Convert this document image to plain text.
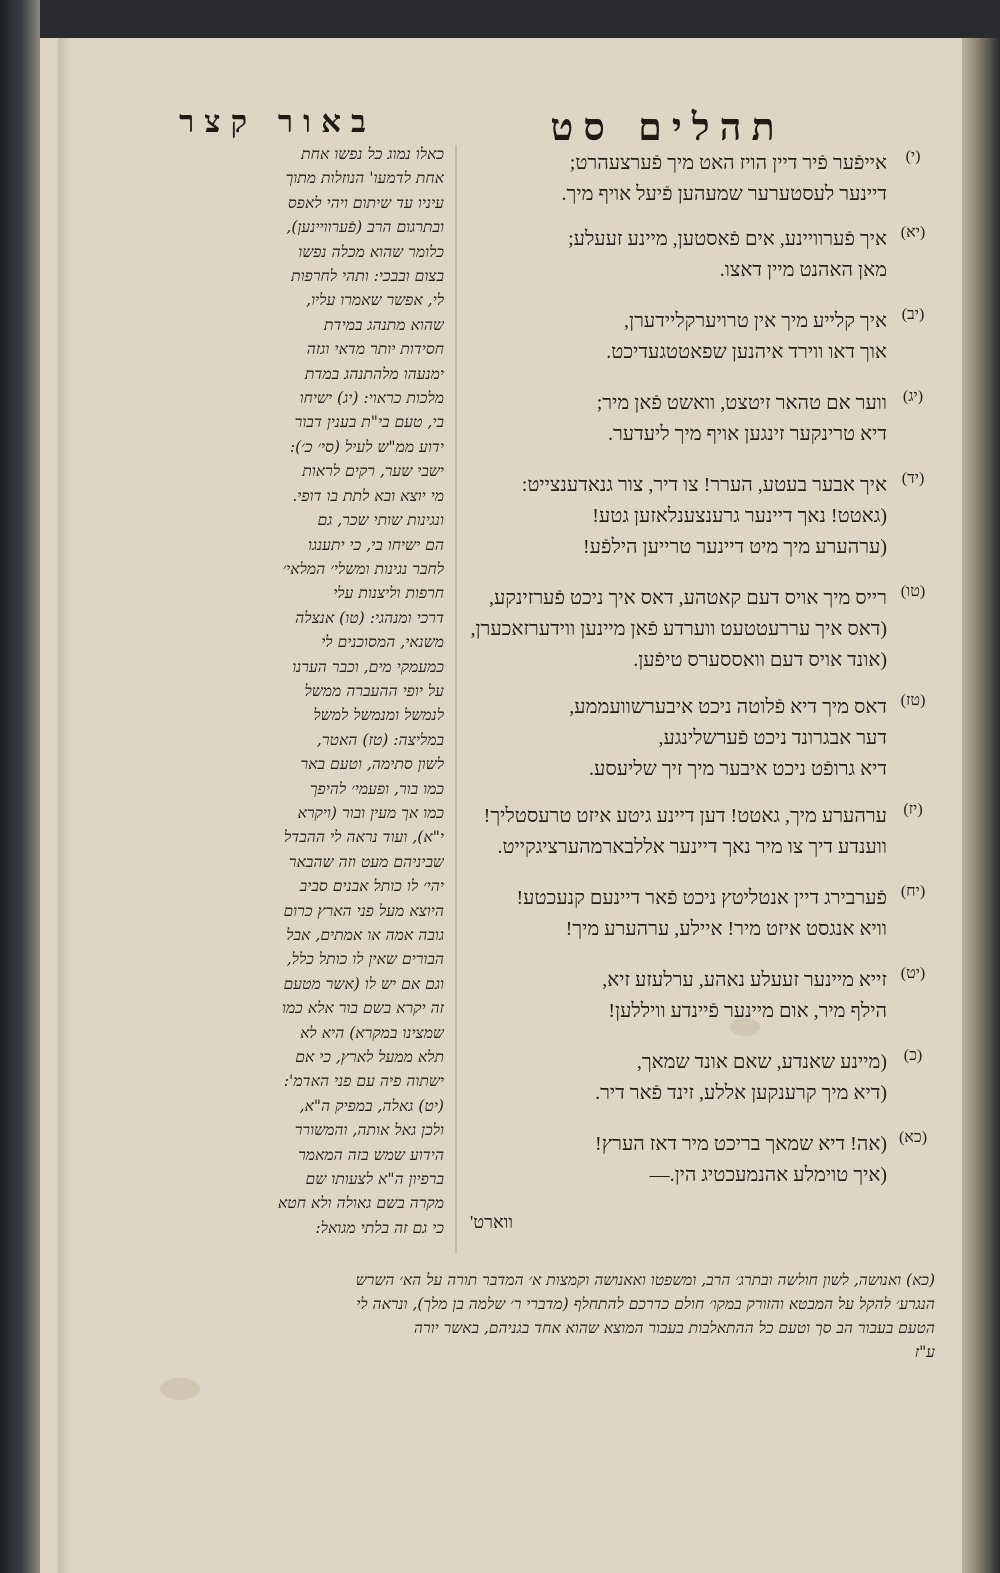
תהלים סט
באור קצר
(י)
אייפֿער פֿיר דיין הויז האט מיך פֿערצעהרט;
דיינער לעסטערער שמעהען פֿיעל אויף מיך.
(יא)
איך פֿערוויינע, אים פֿאסטען, מיינע זעעלע;
מאן האהנט מיין דאצו.
(יב)
איך קלייע מיך אין טרויערקליידערן,
אוך דאו ווירד איהנען שפאטטגעדיכט.
(יג)
ווער אם טהאר זיטצט, וואשט פֿאן מיר;
דיא טרינקער זינגען אויף מיך ליעדער.
(יד)
איך אבער בעטע, הערר! צו דיר, צור גנאדענצייט:
(גאטט! נאך דיינער גרענצענלאזען גטע!
(ערהערע מיך מיט דיינער טרייען הילפֿע!
(טו)
רייס מיך אויס דעם קאטהע, דאס איך ניכט פֿערזינקע,
(דאס איך עררעטטעט ווערדע פֿאן מיינען ווידערזאכערן,
(אונד אויס דעם וואססערס טיפֿען.
(טז)
דאס מיך דיא פֿלוטה ניכט איבערשוועממע,
דער אבגרונד ניכט פֿערשלינגע,
דיא גרופֿט ניכט איבער מיך זיך שליעסע.
(יז)
ערהערע מיך, גאטט! דען דיינע גיטע איזט טרעסטליך!
ווענדע דיך צו מיר נאך דיינער אללבארמהערציגקייט.
(יח)
פֿערבירג דיין אנטליטץ ניכט פֿאר דיינעם קנעכטע!
וויא אנגסט איזט מיר! איילע, ערהערע מיך!
(יט)
זייא מיינער זעעלע נאהע, ערלעזע זיא,
הילף מיר, אום מיינער פֿיינדע וויללען!
(כ)
(מיינע שאנדע, שאם אונד שמאך,
(דיא מיך קרענקען אללע, זינד פֿאר דיר.
(כא)
(אה! דיא שמאך בריכט מיר דאז הערץ!
(איך טוימלע אהנמעכטיג הין.—
ווארט'
כאלו נמוג כל נפשו אחת
אחת לדמעו' הנוזלות מתוך
עיניו עד שיתום ויהי לאפס
ובתרגום הרב (פֿערוויינען),
כלומר שהוא מכלה נפשו
בצום ובבכי: ותהי לחרפות
לי, אפשר שאמרו עליו,
שהוא מתנהג במידת
חסידות יותר מדאי וגזה
ימנעהו מלהתנהג במדת
מלכות כראוי: (יג) ישיחו
בי, טעם בי"ת בענין דבור
ידוע ממ"ש לעיל (סי׳ כ׳):
ישבי שער, רקים לראות
מי יוצא ובא לתת בו דופי.
ונגינות שותי שכר, גם
הם ישיחו בי, כי יתענגו
לחבר נגינות ומשלי׳ המלאי׳
חרפות וליצנות עלי
דרכי ומנהגי: (טו) אנצלה
משנאי, המסוכנים לי
כמעמקי מים, וכבר הערנו
על יופי ההעברה ממשל
לנמשל ומנמשל למשל
במליצה: (טז) האטר,
לשון סתימה, וטעם באר
כמו בור, ופעמי׳ להיפך
כמו אך מעין ובור (ויקרא
י"א), ועוד נראה לי ההבדל
שביניהם מעט וזה שהבאר
יהי׳ לו כותל אבנים סביב
היוצא מעל פני הארץ כרום
גובה אמה או אמתים, אבל
הבורים שאין לו כותל כלל,
וגם אם יש לו (אשר מטעם
זה יקרא בשם בור אלא כמו
שמצינו במקרא) היא לא
תלא ממעל לארץ, כי אם
ישתוה פיה עם פני האדמ':
(יט) גאלה, במפיק ה"א,
ולכן גאל אותה, והמשורר
הידוע שמש בזה המאמר
ברפיון ה"א לצעותו שם
מקרה בשם גאולה ולא חטא
כי גם זה בלתי מגואל:
(כא) ואנושה, לשון חולשה ובתרג׳ הרב, ומשפטו ואאנושה וקמצות א׳ המדבר תורה על הא׳ השרש
הנגרע׳ להקל על המבטא והזורק במקו׳ חולם כדרכם להתחלף (מדברי ר׳ שלמה בן מלך), ונראה לי
הטעם בעבור הב סך וטעם כל ההתאלבות בעבור המוצא שהוא אחד בגניהם, באשר יורה
ע"ז
